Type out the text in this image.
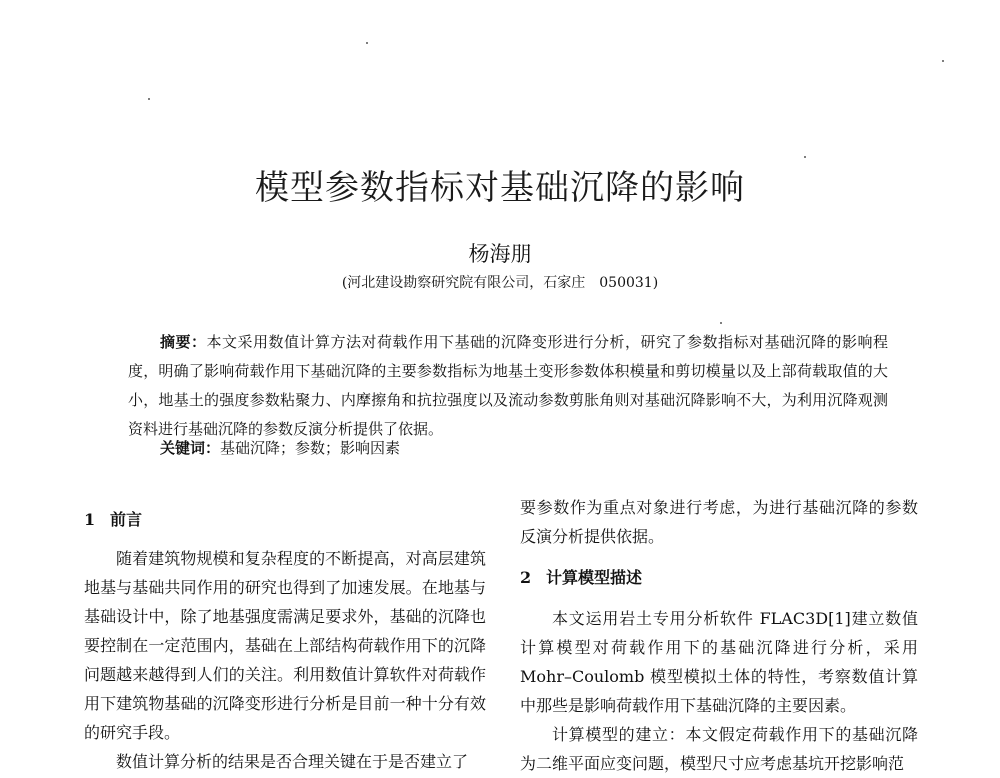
模型参数指标对基础沉降的影响
杨海朋
(河北建设勘察研究院有限公司，石家庄　050031)

摘要：本文采用数值计算方法对荷载作用下基础的沉降变形进行分析，研究了参数指标对基础沉降的影响程度，明确了影响荷载作用下基础沉降的主要参数指标为地基土变形参数体积模量和剪切模量以及上部荷载取值的大小，地基土的强度参数粘聚力、内摩擦角和抗拉强度以及流动参数剪胀角则对基础沉降影响不大，为利用沉降观测资料进行基础沉降的参数反演分析提供了依据。

关键词：基础沉降；参数；影响因素

1 前言

随着建筑物规模和复杂程度的不断提高，对高层建筑地基与基础共同作用的研究也得到了加速发展。在地基与基础设计中，除了地基强度需满足要求外，基础的沉降也要控制在一定范围内，基础在上部结构荷载作用下的沉降问题越来越得到人们的关注。利用数值计算软件对荷载作用下建筑物基础的沉降变形进行分析是目前一种十分有效的研究手段。

数值计算分析的结果是否合理关键在于是否建立了

要参数作为重点对象进行考虑，为进行基础沉降的参数反演分析提供依据。

2 计算模型描述

本文运用岩土专用分析软件 FLAC3D[1]建立数值计算模型对荷载作用下的基础沉降进行分析，采用 Mohr–Coulomb 模型模拟土体的特性，考察数值计算中那些是影响荷载作用下基础沉降的主要因素。

计算模型的建立：本文假定荷载作用下的基础沉降为二维平面应变问题，模型尺寸应考虑基坑开挖影响范
